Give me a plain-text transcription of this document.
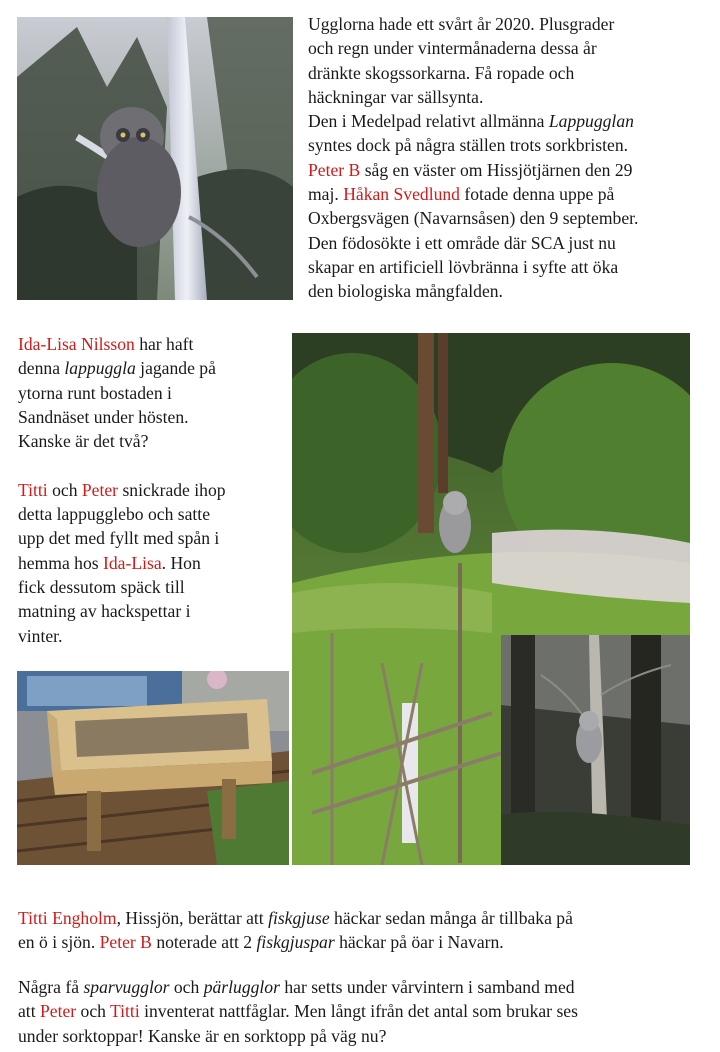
Ugglorna hade ett svårt år 2020. Plusgrader
och regn under vintermånaderna dessa år
dränkte skogssorkarna. Få ropade och
häckningar var sällsynta.
Den i Medelpad relativt allmänna Lappugglan
syntes dock på några ställen trots sorkbristen.
Peter B såg en väster om Hissjötjärnen den 29
maj. Håkan Svedlund fotade denna uppe på
Oxbergsvägen (Navarnsåsen) den 9 september.
Den födosökte i ett område där SCA just nu
skapar en artificiell lövbränna i syfte att öka
den biologiska mångfalden.

Ida-Lisa Nilsson har haft
denna lappuggla jagande på
ytorna runt bostaden i
Sandnäset under hösten.
Kanske är det två?

Titti och Peter snickrade ihop
detta lappugglebo och satte
upp det med fyllt med spån i
hemma hos Ida-Lisa. Hon
fick dessutom späck till
matning av hackspettar i
vinter.

Titti Engholm, Hissjön, berättar att fiskgjuse häckar sedan många år tillbaka på
en ö i sjön. Peter B noterade att 2 fiskgjuspar häckar på öar i Navarn.

Några få sparvugglor och pärlugglor har setts under vårvintern i samband med
att Peter och Titti inventerat nattfåglar. Men långt ifrån det antal som brukar ses
under sorktoppar! Kanske är en sorktopp på väg nu?
